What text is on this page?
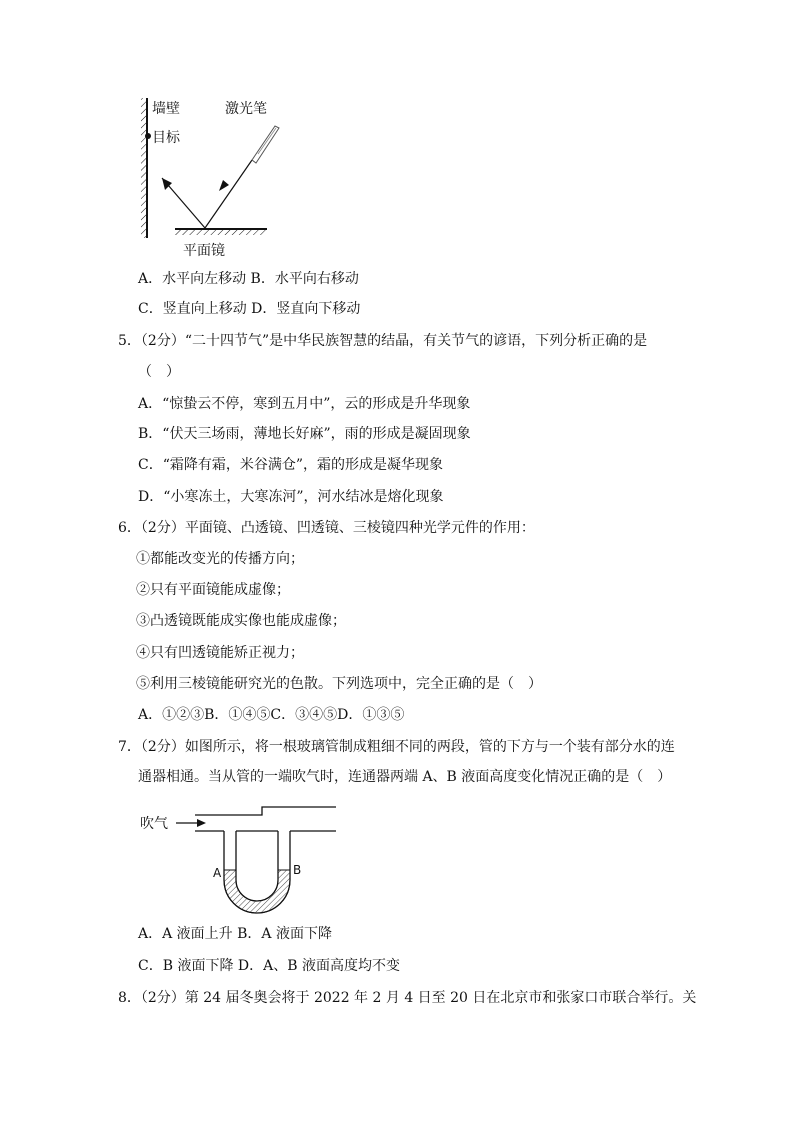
墙壁
目标
激光笔
平面镜
A．水平向左移动 B．水平向右移动
C．竖直向上移动 D．竖直向下移动
5．（2分）“二十四节气”是中华民族智慧的结晶，有关节气的谚语，下列分析正确的是
（　）
A．“惊蛰云不停，寒到五月中”，云的形成是升华现象
B．“伏天三场雨，薄地长好麻”，雨的形成是凝固现象
C．“霜降有霜，米谷满仓”，霜的形成是凝华现象
D．“小寒冻土，大寒冻河”，河水结冰是熔化现象
6．（2分）平面镜、凸透镜、凹透镜、三棱镜四种光学元件的作用：
①都能改变光的传播方向；
②只有平面镜能成虚像；
③凸透镜既能成实像也能成虚像；
④只有凹透镜能矫正视力；
⑤利用三棱镜能研究光的色散。下列选项中，完全正确的是（　）
A．①②③B．①④⑤C．③④⑤D．①③⑤
7．（2分）如图所示，将一根玻璃管制成粗细不同的两段，管的下方与一个装有部分水的连
通器相通。当从管的一端吹气时，连通器两端 A、B 液面高度变化情况正确的是（　）
吹气
A	B
A．A 液面上升 B．A 液面下降
C．B 液面下降 D．A、B 液面高度均不变
8．（2分）第 24 届冬奥会将于 2022 年 2 月 4 日至 20 日在北京市和张家口市联合举行。关
